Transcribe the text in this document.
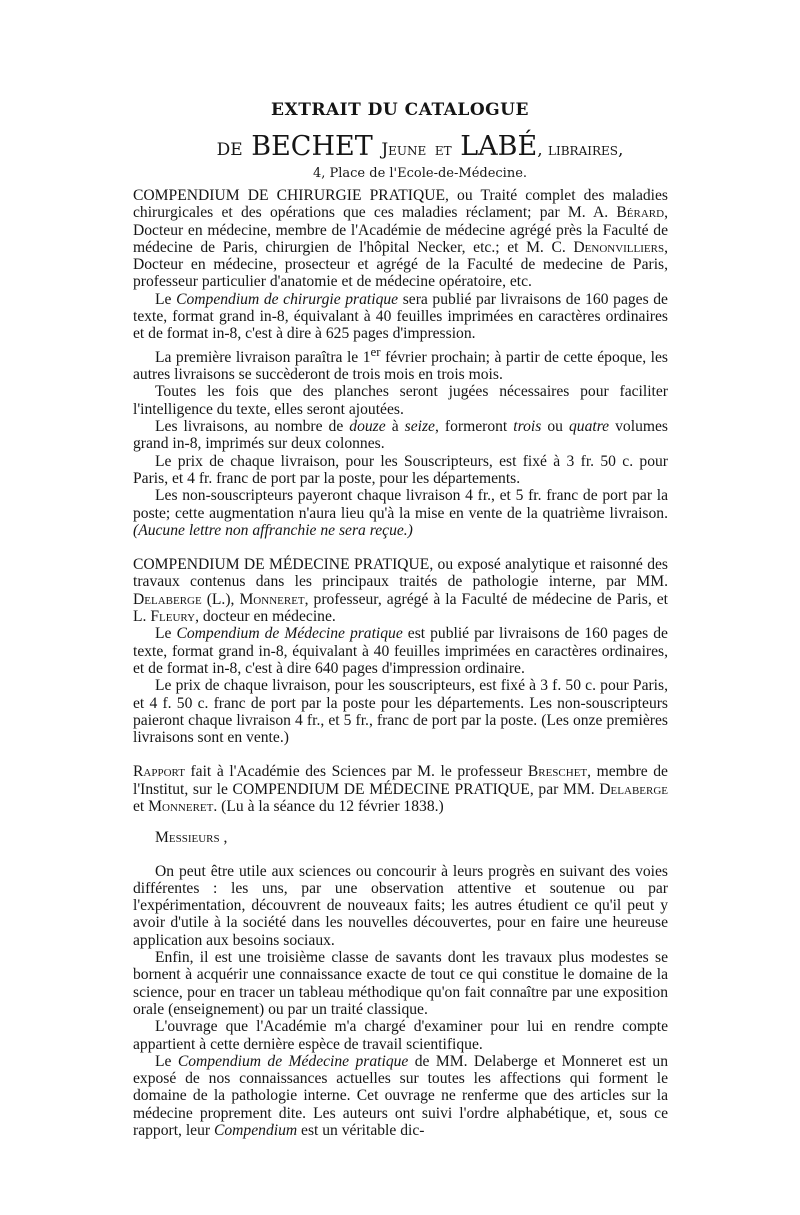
EXTRAIT DU CATALOGUE
DE BECHET Jeune et LABÉ, libraires,
4, Place de l'Ecole-de-Médecine.

COMPENDIUM DE CHIRURGIE PRATIQUE, ou Traité complet des maladies chirurgicales et des opérations que ces maladies réclament; par M. A. Bérard, Docteur en médecine, membre de l'Académie de médecine agrégé près la Faculté de médecine de Paris, chirurgien de l'hôpital Necker, etc.; et M. C. Denonvilliers, Docteur en médecine, prosecteur et agrégé de la Faculté de medecine de Paris, professeur particulier d'anatomie et de médecine opératoire, etc.

Le Compendium de chirurgie pratique sera publié par livraisons de 160 pages de texte, format grand in-8, équivalant à 40 feuilles imprimées en caractères ordinaires et de format in-8, c'est à dire à 625 pages d'impression.

La première livraison paraîtra le 1er février prochain; à partir de cette époque, les autres livraisons se succèderont de trois mois en trois mois.

Toutes les fois que des planches seront jugées nécessaires pour faciliter l'intelligence du texte, elles seront ajoutées.

Les livraisons, au nombre de douze à seize, formeront trois ou quatre volumes grand in-8, imprimés sur deux colonnes.

Le prix de chaque livraison, pour les Souscripteurs, est fixé à 3 fr. 50 c. pour Paris, et 4 fr. franc de port par la poste, pour les départements.

Les non-souscripteurs payeront chaque livraison 4 fr., et 5 fr. franc de port par la poste; cette augmentation n'aura lieu qu'à la mise en vente de la quatrième livraison. (Aucune lettre non affranchie ne sera reçue.)

COMPENDIUM DE MÉDECINE PRATIQUE, ou exposé analytique et raisonné des travaux contenus dans les principaux traités de pathologie interne, par MM. Delaberge (L.), Monneret, professeur, agrégé à la Faculté de médecine de Paris, et L. Fleury, docteur en médecine.

Le Compendium de Médecine pratique est publié par livraisons de 160 pages de texte, format grand in-8, équivalant à 40 feuilles imprimées en caractères ordinaires, et de format in-8, c'est à dire 640 pages d'impression ordinaire.

Le prix de chaque livraison, pour les souscripteurs, est fixé à 3 f. 50 c. pour Paris, et 4 f. 50 c. franc de port par la poste pour les départements. Les non-souscripteurs paieront chaque livraison 4 fr., et 5 fr., franc de port par la poste. (Les onze premières livraisons sont en vente.)

Rapport fait à l'Académie des Sciences par M. le professeur Breschet, membre de l'Institut, sur le COMPENDIUM DE MÉDECINE PRATIQUE, par MM. Delaberge et Monneret. (Lu à la séance du 12 février 1838.)

Messieurs ,

On peut être utile aux sciences ou concourir à leurs progrès en suivant des voies différentes : les uns, par une observation attentive et soutenue ou par l'expérimentation, découvrent de nouveaux faits; les autres étudient ce qu'il peut y avoir d'utile à la société dans les nouvelles découvertes, pour en faire une heureuse application aux besoins sociaux.

Enfin, il est une troisième classe de savants dont les travaux plus modestes se bornent à acquérir une connaissance exacte de tout ce qui constitue le domaine de la science, pour en tracer un tableau méthodique qu'on fait connaître par une exposition orale (enseignement) ou par un traité classique.

L'ouvrage que l'Académie m'a chargé d'examiner pour lui en rendre compte appartient à cette dernière espèce de travail scientifique.

Le Compendium de Médecine pratique de MM. Delaberge et Monneret est un exposé de nos connaissances actuelles sur toutes les affections qui forment le domaine de la pathologie interne. Cet ouvrage ne renferme que des articles sur la médecine proprement dite. Les auteurs ont suivi l'ordre alphabétique, et, sous ce rapport, leur Compendium est un véritable dic-
